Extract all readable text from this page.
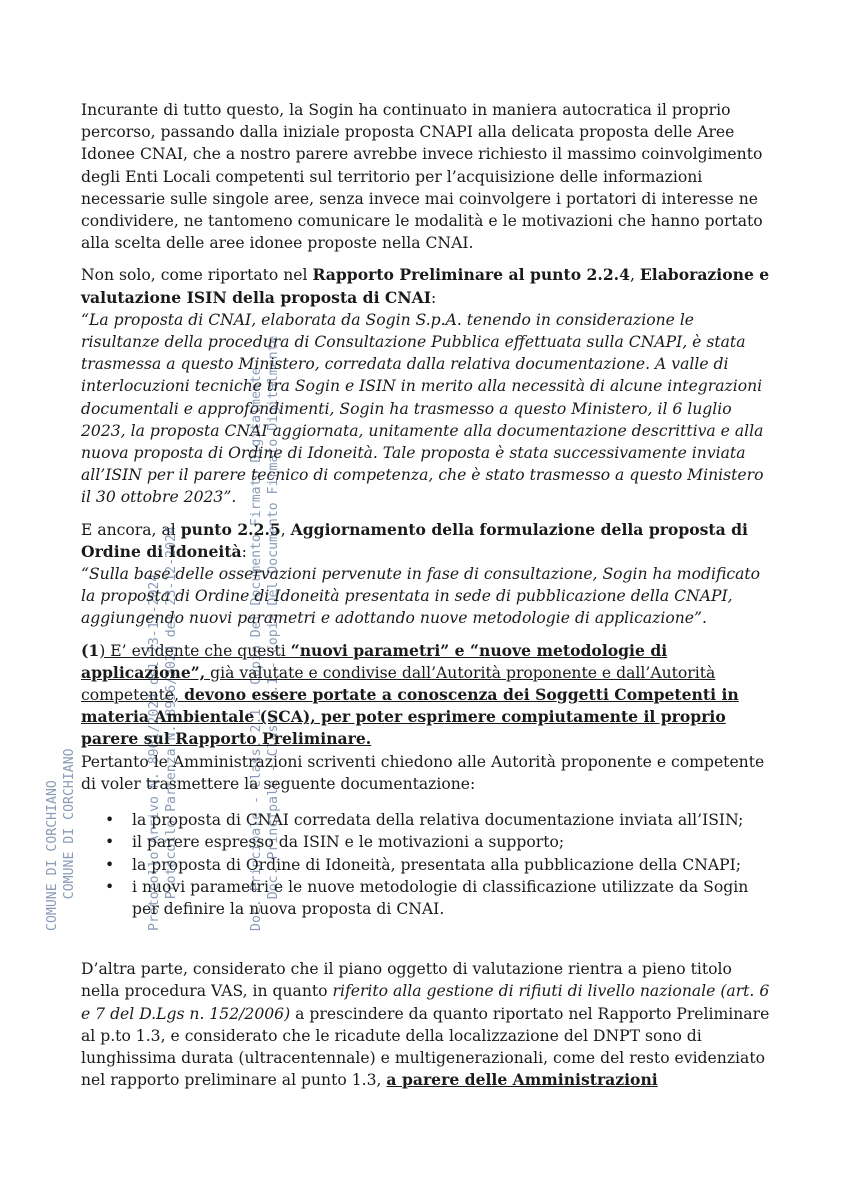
COMUNE DI CORCHIANO

COMUNE DI CORCHIANO

	Protocollo Partenza N. 8956/2024 del 23-12-2024

Protocollo Arrivo N. 8961/2024 del 23-12-2024

	Doc. Principale - Class. 1.1 - Copia Del Documento Firmato Digitalmente

Doc. Principale - Class. 2.1 - Copia Del Documento Firmato Digitalmente

Incurante di tutto questo, la Sogin ha continuato in maniera autocratica il proprio percorso, passando dalla iniziale proposta CNAPI alla delicata proposta delle Aree Idonee CNAI, che a nostro parere avrebbe invece richiesto il massimo coinvolgimento degli Enti Locali competenti sul territorio per l’acquisizione delle informazioni necessarie sulle singole aree, senza invece mai coinvolgere i portatori di interesse ne condividere, ne tantomeno comunicare le modalità e le motivazioni che hanno portato alla scelta delle aree idonee proposte nella CNAI.

Non solo, come riportato nel Rapporto Preliminare al punto 2.2.4, Elaborazione e valutazione ISIN della proposta di CNAI:
“La proposta di CNAI, elaborata da Sogin S.p.A. tenendo in considerazione le risultanze della procedura di Consultazione Pubblica effettuata sulla CNAPI, è stata trasmessa a questo Ministero, corredata dalla relativa documentazione. A valle di interlocuzioni tecniche tra Sogin e ISIN in merito alla necessità di alcune integrazioni documentali e approfondimenti, Sogin ha trasmesso a questo Ministero, il 6 luglio 2023, la proposta CNAI aggiornata, unitamente alla documentazione descrittiva e alla nuova proposta di Ordine di Idoneità. Tale proposta è stata successivamente inviata all’ISIN per il parere tecnico di competenza, che è stato trasmesso a questo Ministero il 30 ottobre 2023”.

E ancora, al punto 2.2.5, Aggiornamento della formulazione della proposta di Ordine di Idoneità:
“Sulla base delle osservazioni pervenute in fase di consultazione, Sogin ha modificato la proposta di Ordine di Idoneità presentata in sede di pubblicazione della CNAPI, aggiungendo nuovi parametri e adottando nuove metodologie di applicazione”.

(1) E’ evidente che questi “nuovi parametri” e “nuove metodologie di applicazione”, già valutate e condivise dall’Autorità proponente e dall’Autorità competente, devono essere portate a conoscenza dei Soggetti Competenti in materia Ambientale (SCA), per poter esprimere compiutamente il proprio parere sul Rapporto Preliminare.
Pertanto le Amministrazioni scriventi chiedono alle Autorità proponente e competente di voler trasmettere la seguente documentazione:

• la proposta di CNAI corredata della relativa documentazione inviata all’ISIN;
• il parere espresso da ISIN e le motivazioni a supporto;
• la proposta di Ordine di Idoneità, presentata alla pubblicazione della CNAPI;
• i nuovi parametri e le nuove metodologie di classificazione utilizzate da Sogin per definire la nuova proposta di CNAI.

D’altra parte, considerato che il piano oggetto di valutazione rientra a pieno titolo nella procedura VAS, in quanto riferito alla gestione di rifiuti di livello nazionale (art. 6 e 7 del D.Lgs n. 152/2006) a prescindere da quanto riportato nel Rapporto Preliminare al p.to 1.3, e considerato che le ricadute della localizzazione del DNPT sono di lunghissima durata (ultracentennale) e multigenerazionali, come del resto evidenziato nel rapporto preliminare al punto 1.3, a parere delle Amministrazioni
